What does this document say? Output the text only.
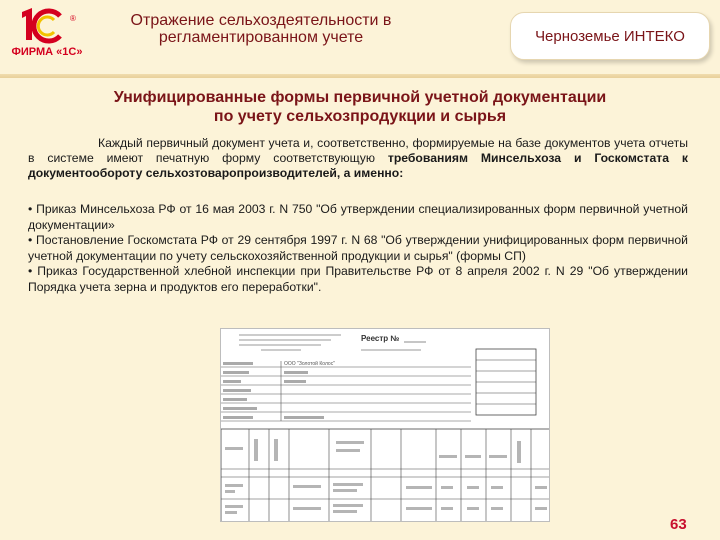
®
ФИРМА «1С»
Отражение сельхоздеятельности в
регламентированном учете	Черноземье ИНТЕКО
Унифицированные формы первичной учетной документации
по учету сельхозпродукции и сырья

Каждый первичный документ учета и, соответственно, формируемые на базе документов учета отчеты в системе имеют печатную форму соответствующую требованиям Минсельхоза и Госкомстата к документообороту сельхозтоваропроизводителей, а именно:

• Приказ Минсельхоза РФ от 16 мая 2003 г. N 750 "Об утверждении специализированных форм первичной учетной документации»
• Постановление Госкомстата РФ от 29 сентября 1997 г. N 68 "Об утверждении унифицированных форм первичной учетной документации по учету сельскохозяйственной продукции и сырья" (формы СП)
• Приказ Государственной хлебной инспекции при Правительстве РФ от 8 апреля 2002 г. N 29 "Об утверждении Порядка учета зерна и продуктов его переработки".
Реестр №
ООО "Золотой Колос"
63
